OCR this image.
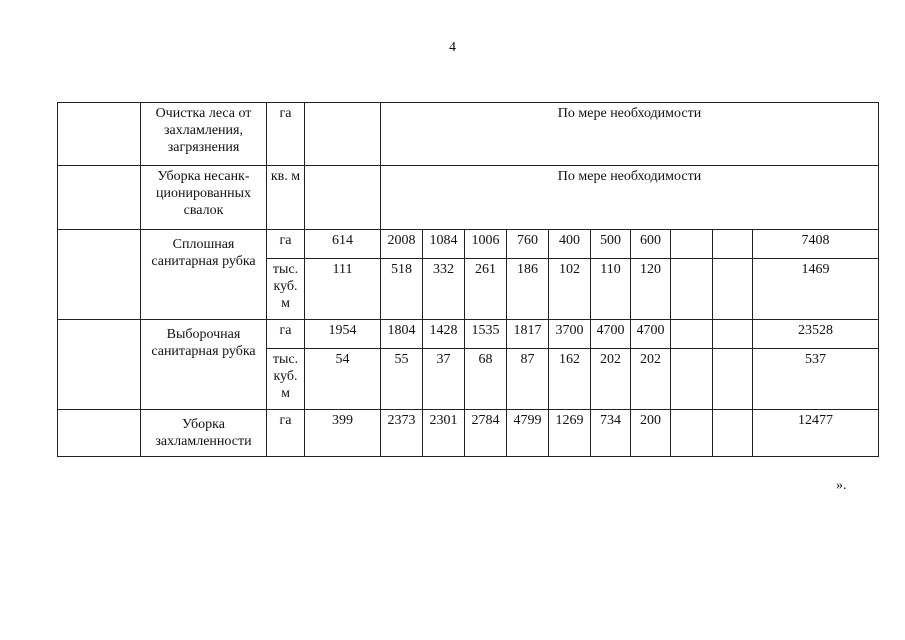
4
	Очистка леса от захламления, загрязнения	га		По мере необходимости									
	Уборка несанк-ционированных свалок	кв. м		По мере необходимости									
	Сплошная санитарная рубка	га	614	2008	1084	1006	760	400	500	600			7408
		тыс. куб. м	111	518	332	261	186	102	110	120			1469
	Выборочная санитарная рубка	га	1954	1804	1428	1535	1817	3700	4700	4700			23528
		тыс. куб. м	54	55	37	68	87	162	202	202			537
	Уборка захламленности	га	399	2373	2301	2784	4799	1269	734	200			12477
».
